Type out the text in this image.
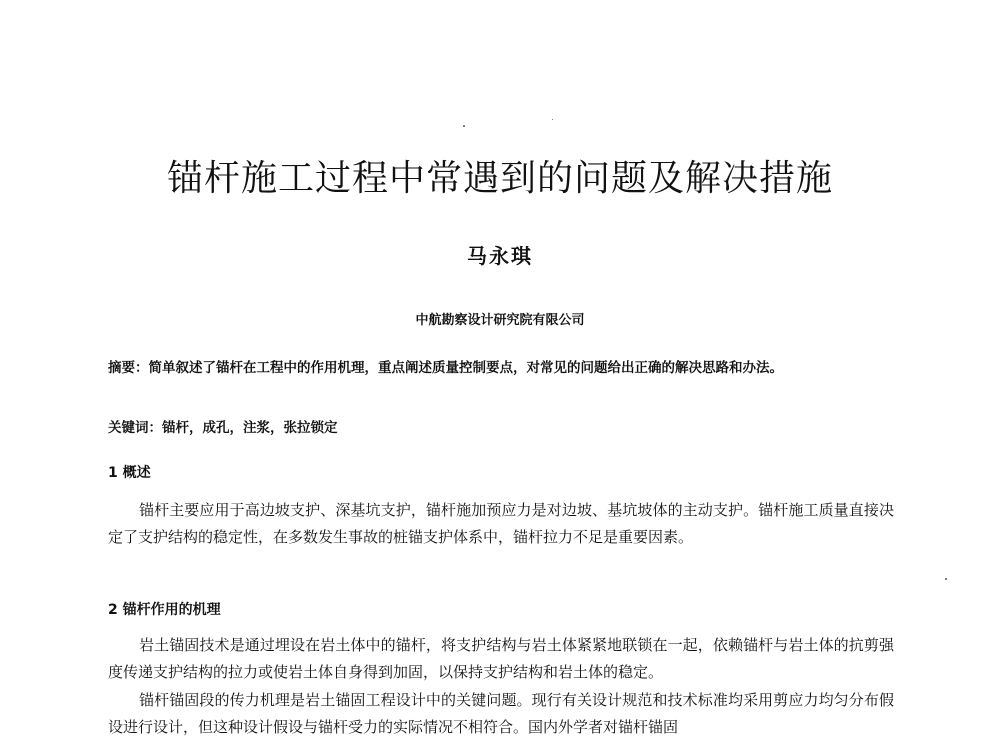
锚杆施工过程中常遇到的问题及解决措施
马永琪
中航勘察设计研究院有限公司
摘要：简单叙述了锚杆在工程中的作用机理，重点阐述质量控制要点，对常见的问题给出正确的解决思路和办法。
关键词：锚杆，成孔，注浆，张拉锁定
1 概述
锚杆主要应用于高边坡支护、深基坑支护，锚杆施加预应力是对边坡、基坑坡体的主动支护。锚杆施工质量直接决定了支护结构的稳定性，在多数发生事故的桩锚支护体系中，锚杆拉力不足是重要因素。
2 锚杆作用的机理
岩土锚固技术是通过埋设在岩土体中的锚杆，将支护结构与岩土体紧紧地联锁在一起，依赖锚杆与岩土体的抗剪强度传递支护结构的拉力或使岩土体自身得到加固，以保持支护结构和岩土体的稳定。
锚杆锚固段的传力机理是岩土锚固工程设计中的关键问题。现行有关设计规范和技术标准均采用剪应力均匀分布假设进行设计，但这种设计假设与锚杆受力的实际情况不相符合。国内外学者对锚杆锚固
